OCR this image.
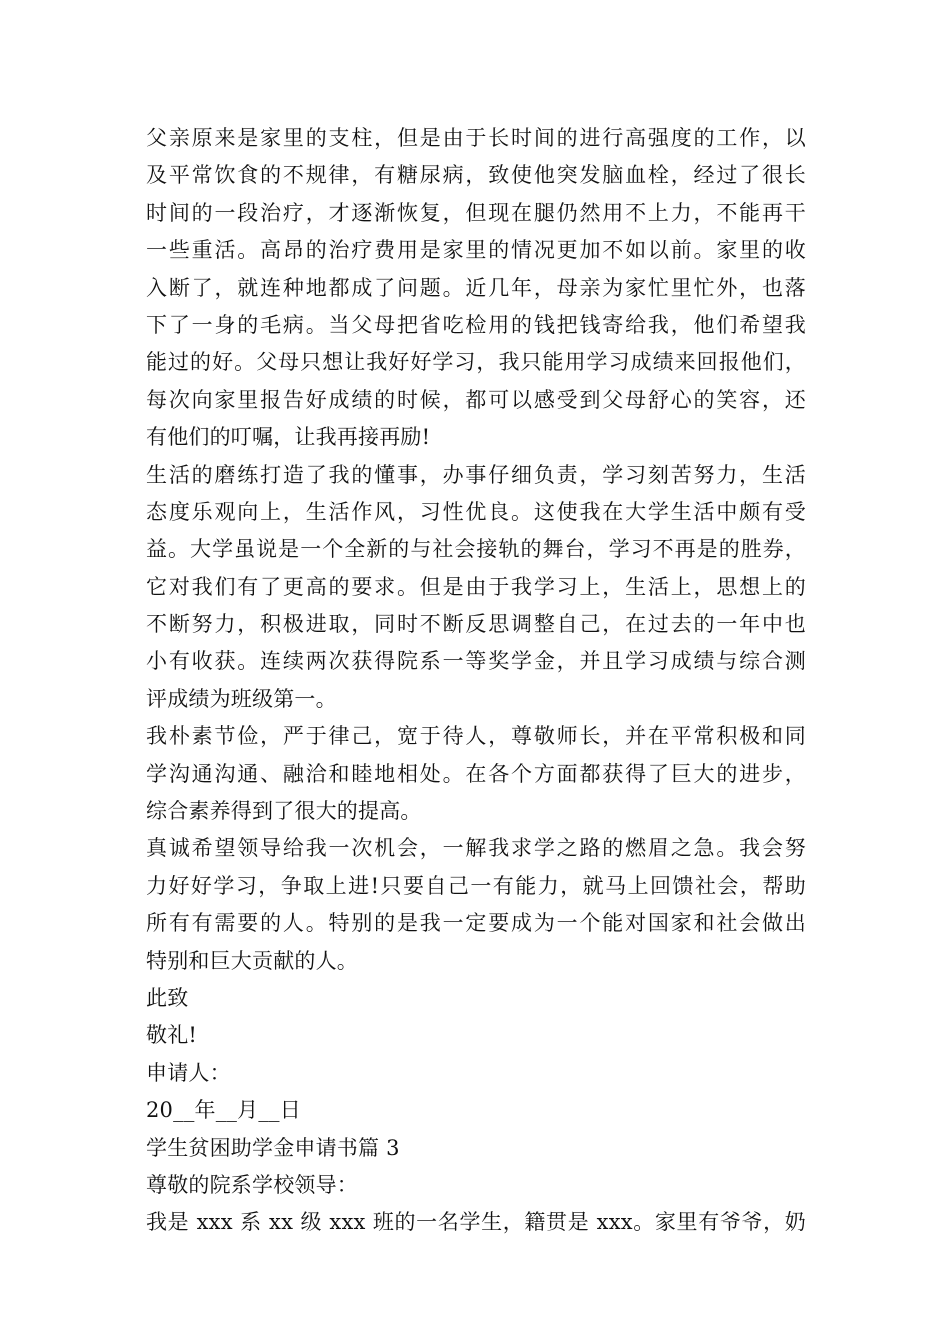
父亲原来是家里的支柱，但是由于长时间的进行高强度的工作，以
及平常饮食的不规律，有糖尿病，致使他突发脑血栓，经过了很长
时间的一段治疗，才逐渐恢复，但现在腿仍然用不上力，不能再干
一些重活。高昂的治疗费用是家里的情况更加不如以前。家里的收
入断了，就连种地都成了问题。近几年，母亲为家忙里忙外，也落
下了一身的毛病。当父母把省吃检用的钱把钱寄给我，他们希望我
能过的好。父母只想让我好好学习，我只能用学习成绩来回报他们，
每次向家里报告好成绩的时候，都可以感受到父母舒心的笑容，还
有他们的叮嘱，让我再接再励!
生活的磨练打造了我的懂事，办事仔细负责，学习刻苦努力，生活
态度乐观向上，生活作风，习性优良。这使我在大学生活中颇有受
益。大学虽说是一个全新的与社会接轨的舞台，学习不再是的胜券，
它对我们有了更高的要求。但是由于我学习上，生活上，思想上的
不断努力，积极进取，同时不断反思调整自己，在过去的一年中也
小有收获。连续两次获得院系一等奖学金，并且学习成绩与综合测
评成绩为班级第一。
我朴素节俭，严于律己，宽于待人，尊敬师长，并在平常积极和同
学沟通沟通、融洽和睦地相处。在各个方面都获得了巨大的进步，
综合素养得到了很大的提高。
真诚希望领导给我一次机会，一解我求学之路的燃眉之急。我会努
力好好学习，争取上进!只要自己一有能力，就马上回馈社会，帮助
所有有需要的人。特别的是我一定要成为一个能对国家和社会做出
特别和巨大贡献的人。
此致
敬礼!
申请人：
20__年__月__日
学生贫困助学金申请书篇 3
尊敬的院系学校领导：
我是 xxx 系 xx 级 xxx 班的一名学生，籍贯是 xxx。家里有爷爷，奶
